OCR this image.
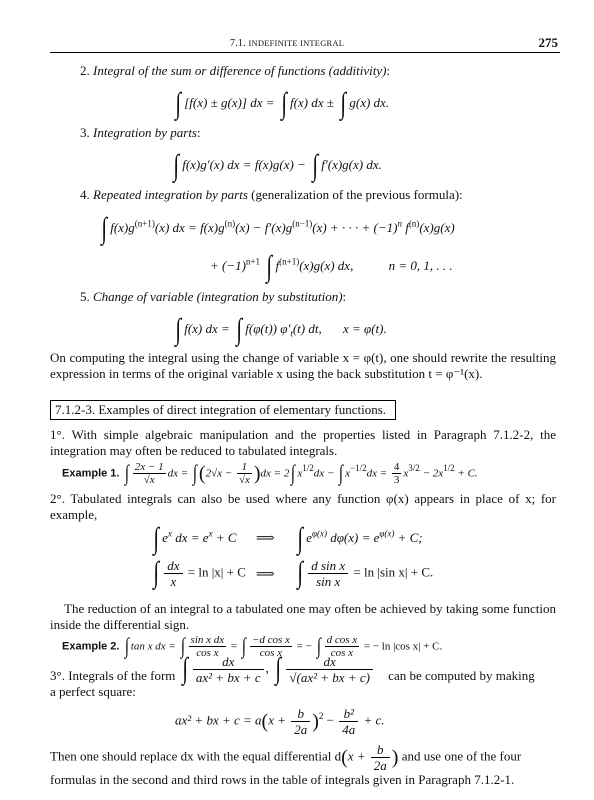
7.1. INDEFINITE INTEGRAL	275
2. Integral of the sum or difference of functions (additivity):
∫ [f(x) ± g(x)] dx = ∫ f(x) dx ± ∫ g(x) dx.
3. Integration by parts:
∫ f(x)g′(x) dx = f(x)g(x) − ∫ f′(x)g(x) dx.
4. Repeated integration by parts (generalization of the previous formula):
∫ $f(x)g^{(n+1)}(x)$ dx = $f(x)g^{(n)}(x) - f'(x)g^{(n-1)}(x)$ + · · · + $(-1)^n$ $f^{(n)}(x)g(x)$
+ $(-1)^{n+1}$ ∫ $f^{(n+1)}(x)g(x)$ dx,	n = 0, 1, . . .
5. Change of variable (integration by substitution):
∫ f(x) dx = ∫ f(φ(t)) $\varphi'_t(t)$ dt, x = φ(t).
On computing the integral using the change of variable x = φ(t), one should rewrite the resulting expression in terms of the original variable x using the back substitution t = φ⁻¹(x).
7.1.2-3. Examples of direct integration of elementary functions.
1°. With simple algebraic manipulation and the properties listed in Paragraph 7.1.2-2, the integration may often be reduced to tabulated integrals.
Example 1. ∫ $\frac{2x - 1}{√x}$ dx = $\int(2√x - \frac{1}{√x} )dx = 2\int$ $x^{1/2}dx$ − ∫ $x^{-1/2}dx = \frac{4}{3} x^{3/2} - 2x^{1/2} + C$.
2°. Tabulated integrals can also be used where any function φ(x) appears in place of x; for example,
∫ $e^x$ dx = $e^x + C$ ⟹ ∫ $e^{\varphi(x)}$ $d\varphi(x) = e^{\varphi(x)} + C$;
∫ $\frac{dx}{x} = \ln |x| + C$ ⟹ ∫ $\frac{\text{d sin x}}{\text{sin x}} = \ln |\sin$ x| + C.
The reduction of an integral to a tabulated one may often be achieved by taking some function inside the differential sign.
Example 2. ∫ tan x dx = ∫ $\frac{\text{sin x dx}}{\text{cos x}}$ = ∫ $\frac{\text{−d cos x}}{\text{cos x}}$ = − ∫ $\frac{\text{d cos x}}{\text{cos x}}$ = − ln |cos x| + C.
3°. Integrals of the form ∫ $\frac{dx}{\text{ax² + bx + c}}$ , ∫ $\frac{dx}{\text{√(ax² + bx + c)}}$ can be computed by making
a perfect square:
ax² + bx + $c = a(x + \frac{b}{2a} )^2 - \frac{\text{b²}}{4a} + c$.
Then one should replace dx with the equal differential $d(x + \frac{b}{2a}$ ) and use one of the four
formulas in the second and third rows in the table of integrals given in Paragraph 7.1.2-1.
